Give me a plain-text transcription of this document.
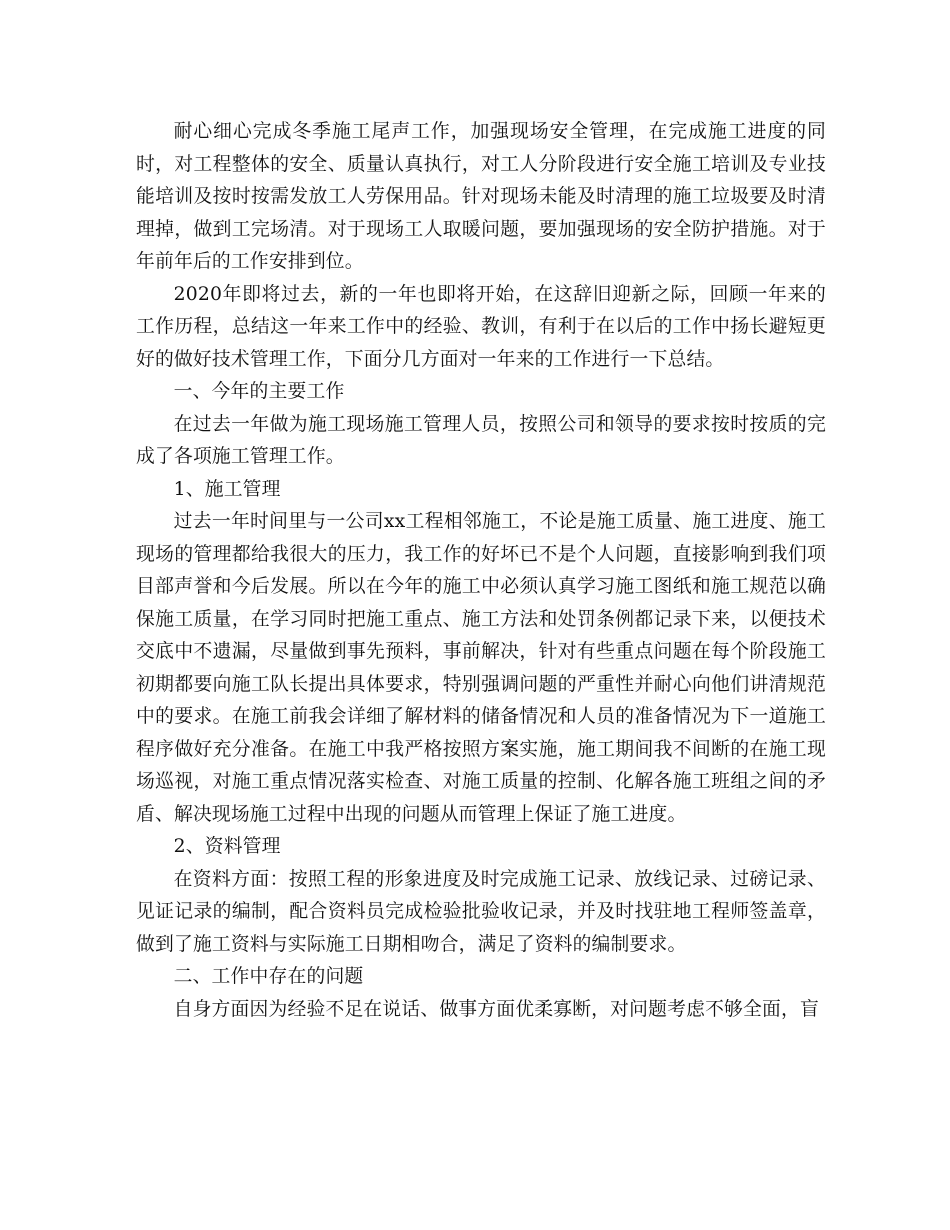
耐心细心完成冬季施工尾声工作，加强现场安全管理，在完成施工进度的同时，对工程整体的安全、质量认真执行，对工人分阶段进行安全施工培训及专业技能培训及按时按需发放工人劳保用品。针对现场未能及时清理的施工垃圾要及时清理掉，做到工完场清。对于现场工人取暖问题，要加强现场的安全防护措施。对于年前年后的工作安排到位。

2020年即将过去，新的一年也即将开始，在这辞旧迎新之际，回顾一年来的工作历程，总结这一年来工作中的经验、教训，有利于在以后的工作中扬长避短更好的做好技术管理工作，下面分几方面对一年来的工作进行一下总结。

一、今年的主要工作

在过去一年做为施工现场施工管理人员，按照公司和领导的要求按时按质的完成了各项施工管理工作。

1、施工管理

过去一年时间里与一公司xx工程相邻施工，不论是施工质量、施工进度、施工现场的管理都给我很大的压力，我工作的好坏已不是个人问题，直接影响到我们项目部声誉和今后发展。所以在今年的施工中必须认真学习施工图纸和施工规范以确保施工质量，在学习同时把施工重点、施工方法和处罚条例都记录下来，以便技术交底中不遗漏，尽量做到事先预料，事前解决，针对有些重点问题在每个阶段施工初期都要向施工队长提出具体要求，特别强调问题的严重性并耐心向他们讲清规范中的要求。在施工前我会详细了解材料的储备情况和人员的准备情况为下一道施工程序做好充分准备。在施工中我严格按照方案实施，施工期间我不间断的在施工现场巡视，对施工重点情况落实检查、对施工质量的控制、化解各施工班组之间的矛盾、解决现场施工过程中出现的问题从而管理上保证了施工进度。

2、资料管理

在资料方面：按照工程的形象进度及时完成施工记录、放线记录、过磅记录、见证记录的编制，配合资料员完成检验批验收记录，并及时找驻地工程师签盖章，做到了施工资料与实际施工日期相吻合，满足了资料的编制要求。

二、工作中存在的问题

自身方面因为经验不足在说话、做事方面优柔寡断，对问题考虑不够全面，盲
